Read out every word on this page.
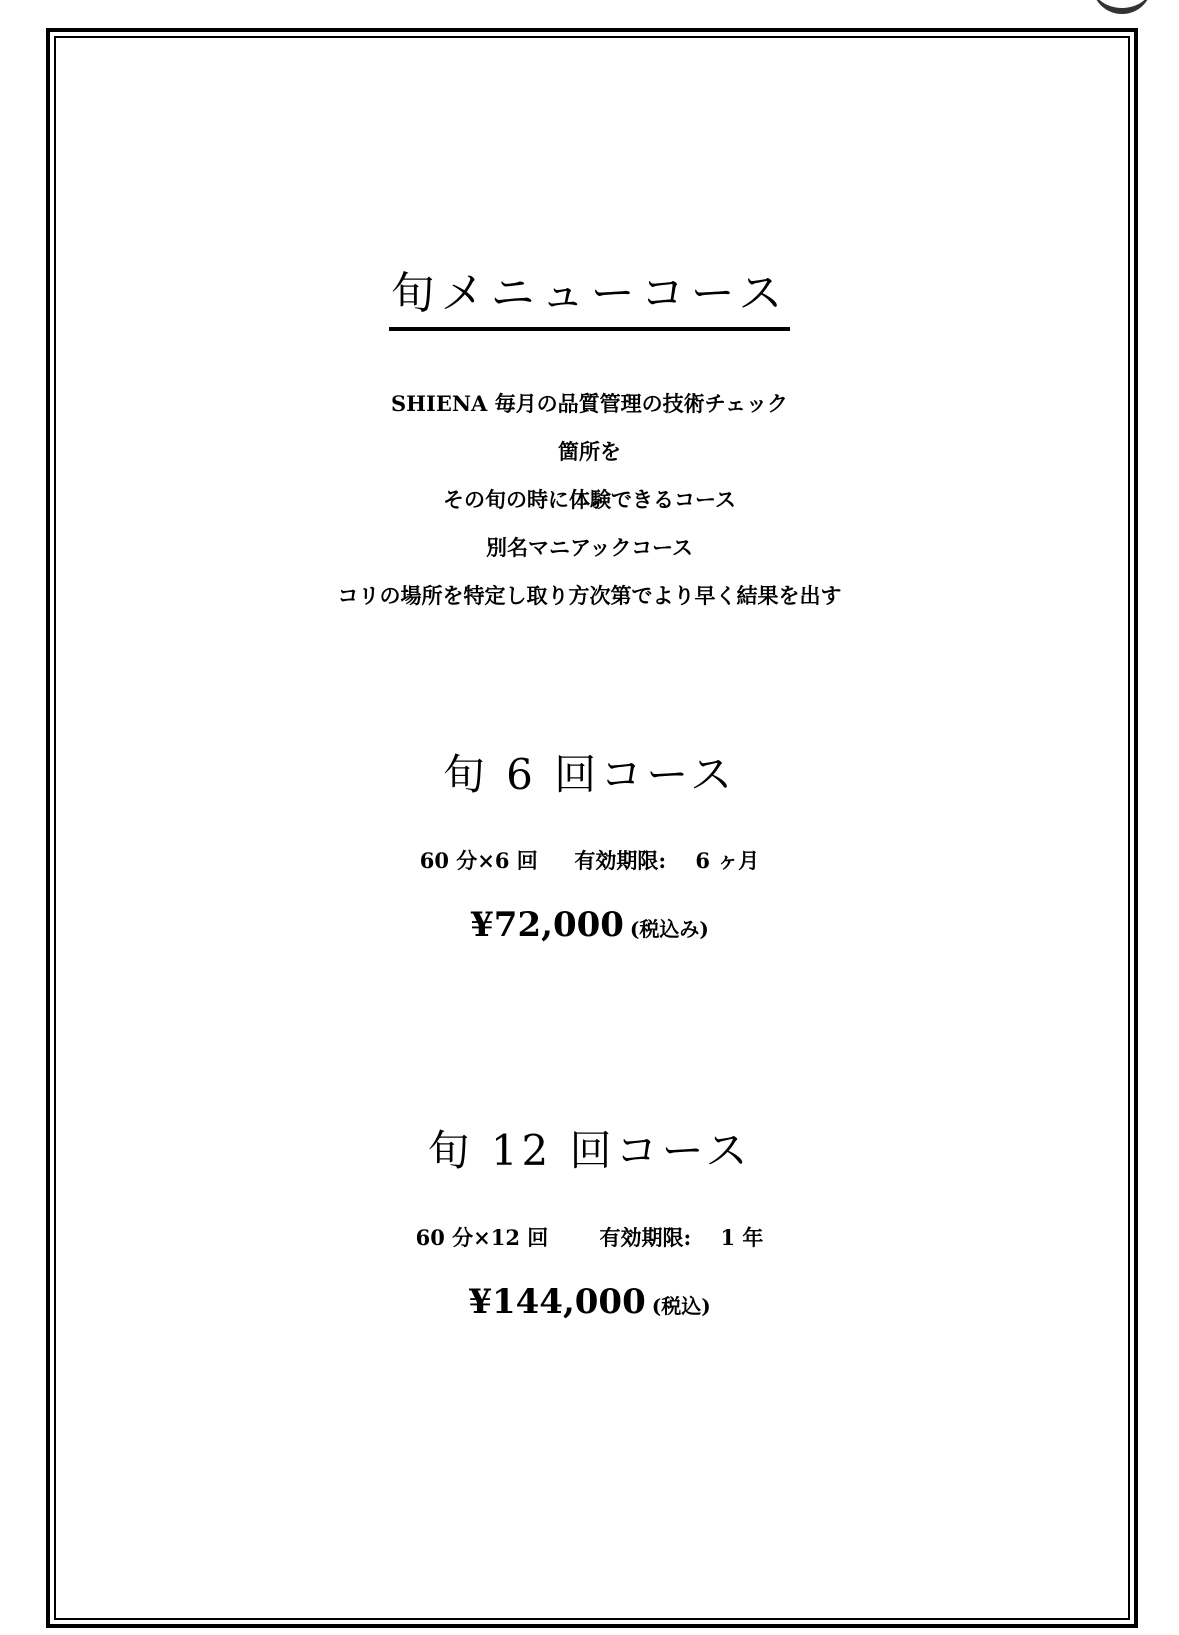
旬メニューコース
SHIENA 毎月の品質管理の技術チェック
箇所を
その旬の時に体験できるコース
別名マニアックコース
コリの場所を特定し取り方次第でより早く結果を出す
旬 6 回コース
60 分×6 回     有効期限:    6 ヶ月
¥72,000 (税込み)
旬 12 回コース
60 分×12 回       有効期限:    1 年
¥144,000 (税込)
